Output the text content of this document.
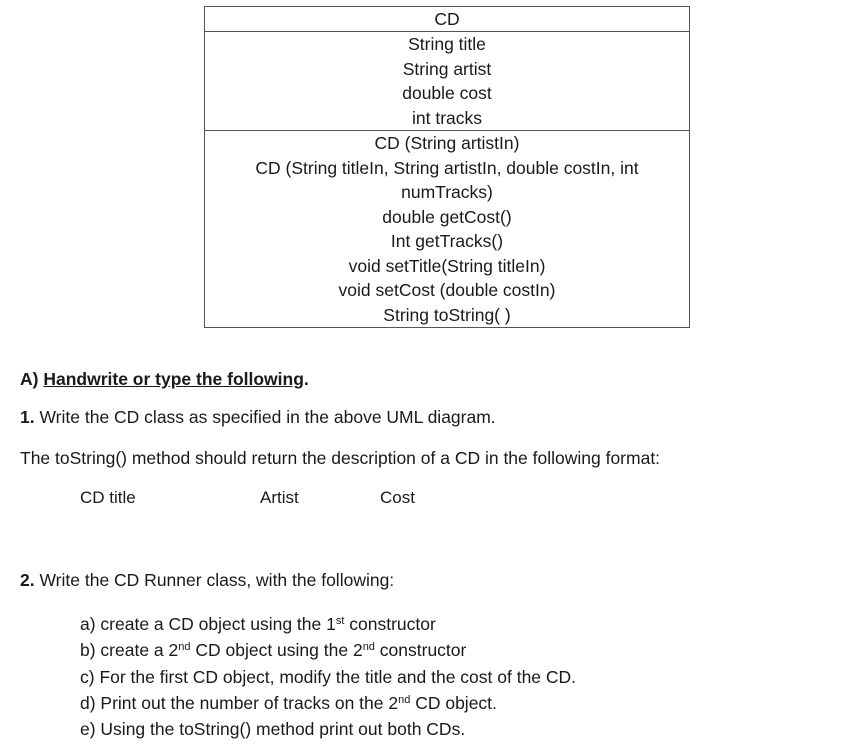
CD
String title
String artist
double cost
int tracks
CD (String artistIn)
CD (String titleIn, String artistIn, double costIn, int numTracks)
double getCost()
Int getTracks()
void setTitle(String titleIn)
void setCost (double costIn)
String toString( )
A) Handwrite or type the following.
1. Write the CD class as specified in the above UML diagram.
The toString() method should return the description of a CD in the following format:
CD title	Artist	Cost
2. Write the CD Runner class, with the following:
a) create a CD object using the 1st constructor
b) create a 2nd CD object using the 2nd constructor
c) For the first CD object, modify the title and the cost of the CD.
d) Print out the number of tracks on the 2nd CD object.
e) Using the toString() method print out both CDs.
